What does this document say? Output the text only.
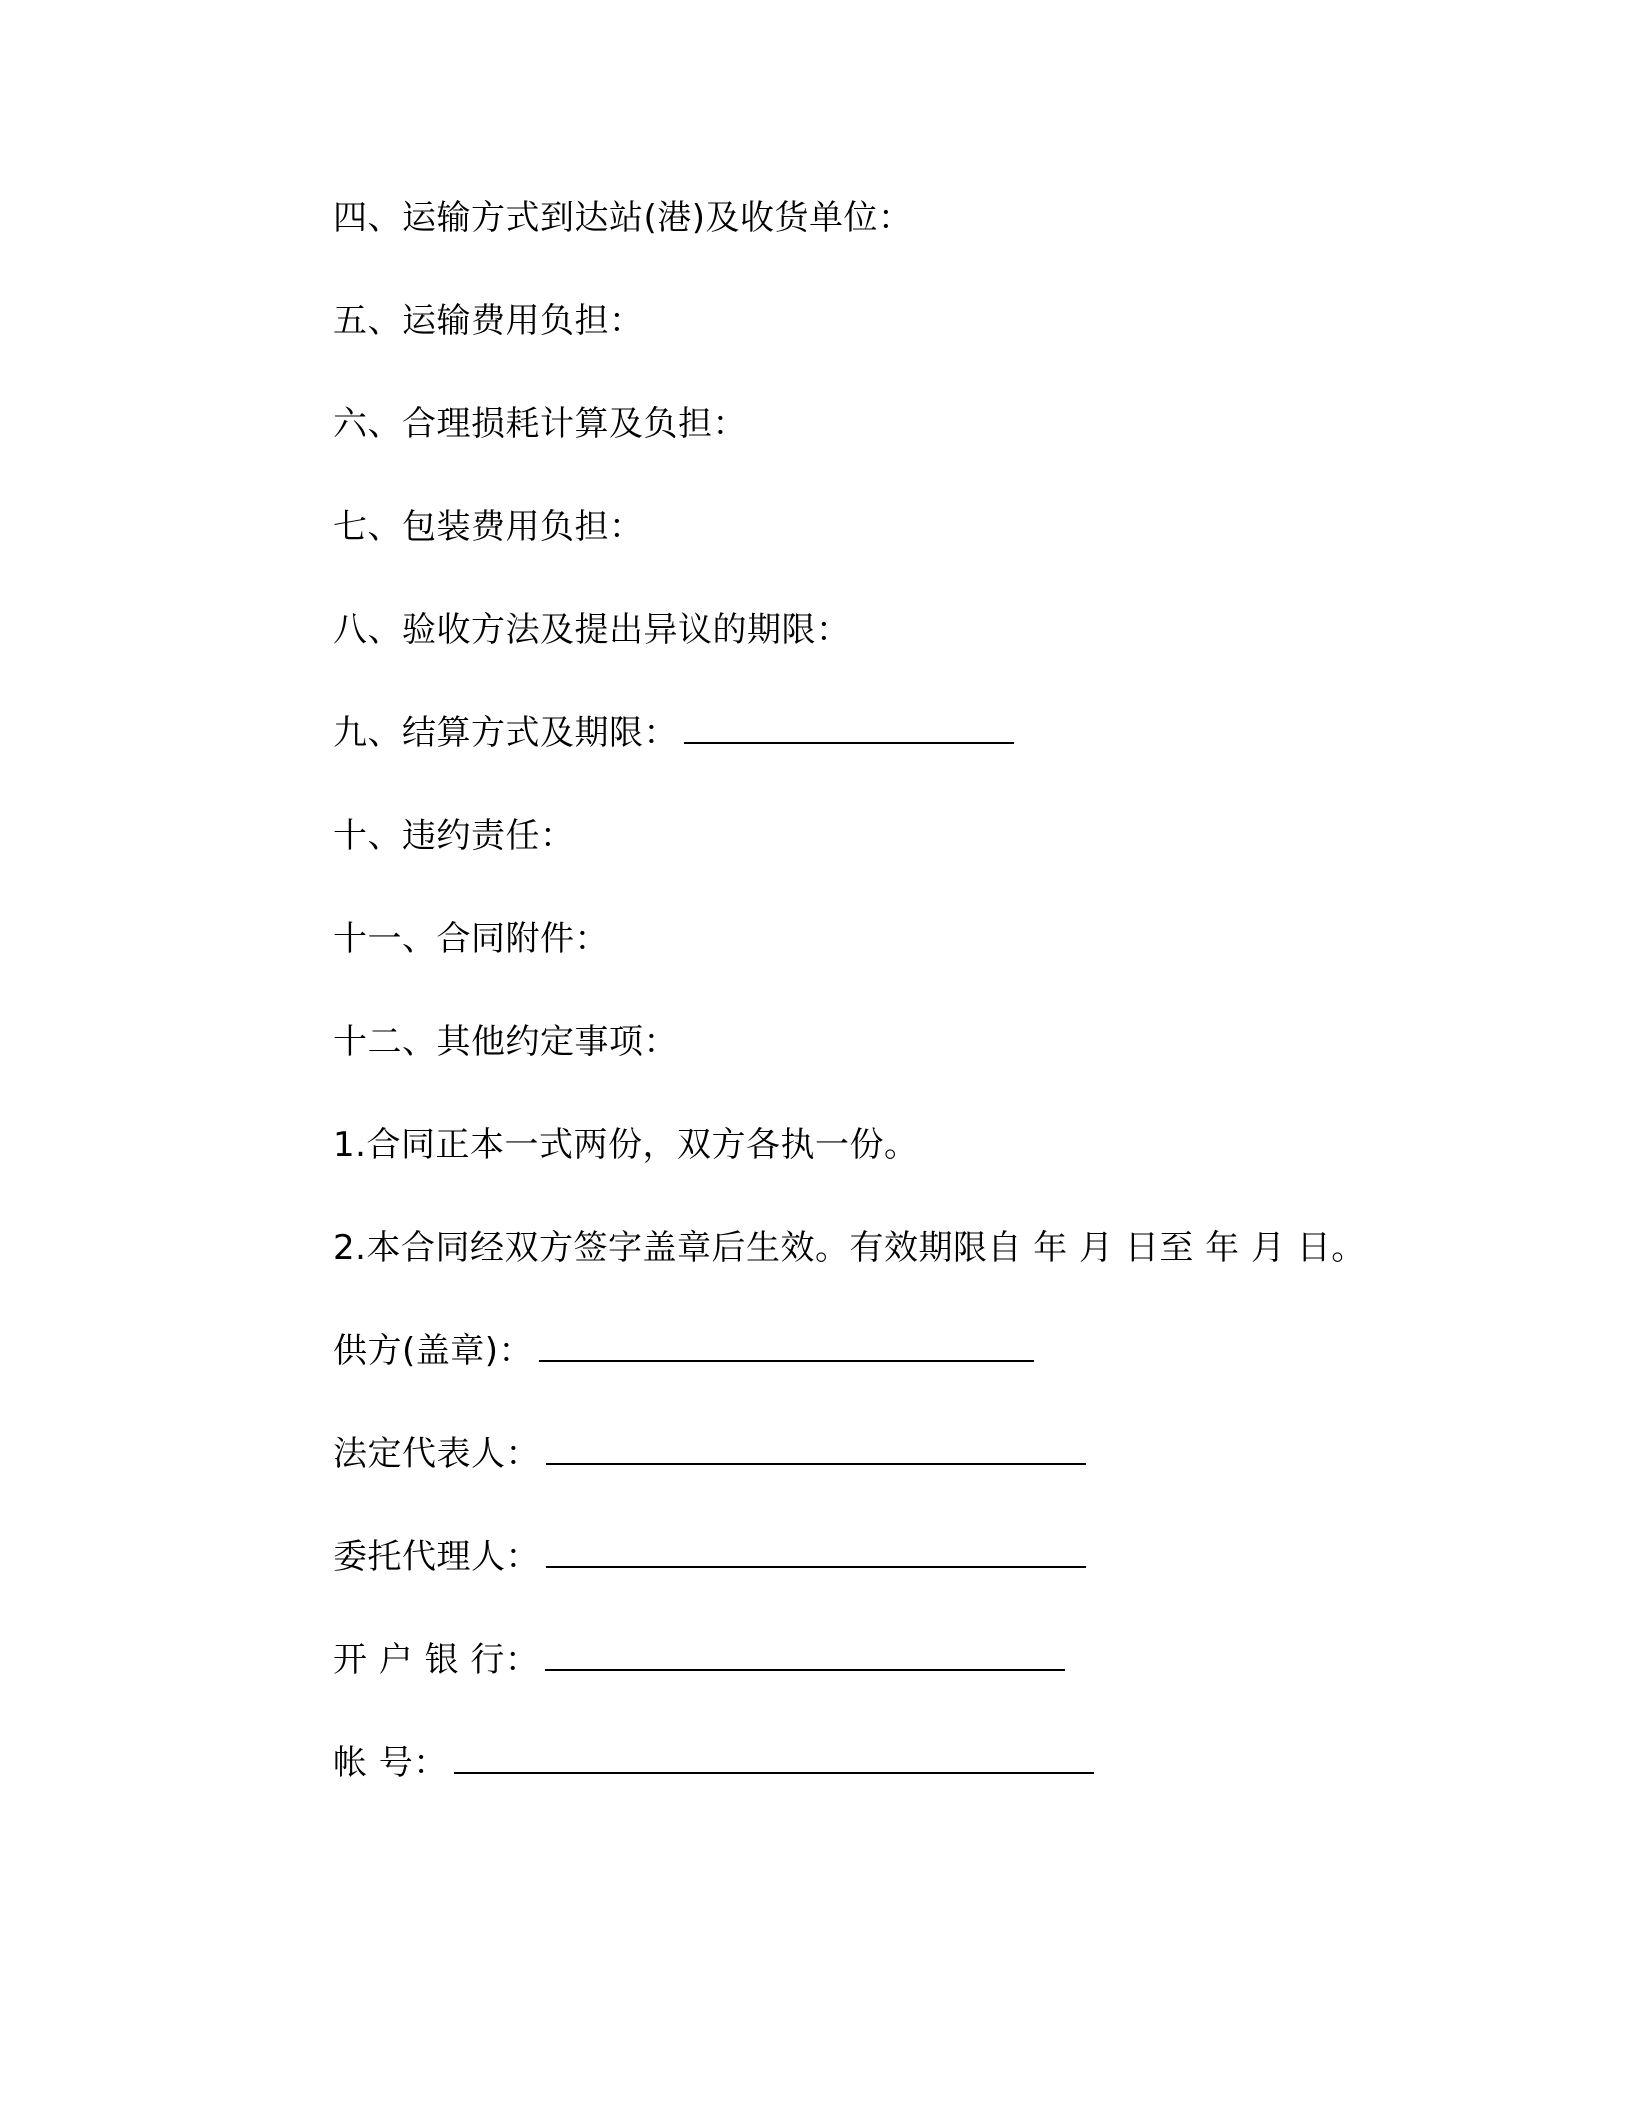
四、运输方式到达站(港)及收货单位：
五、运输费用负担：
六、合理损耗计算及负担：
七、包装费用负担：
八、验收方法及提出异议的期限：
九、结算方式及期限：
十、违约责任：
十一、合同附件：
十二、其他约定事项：
1.合同正本一式两份，双方各执一份。
2.本合同经双方签字盖章后生效。有效期限自 年 月 日至 年 月 日。
供方(盖章)：
法定代表人：
委托代理人：
开 户 银 行：
帐 号：
